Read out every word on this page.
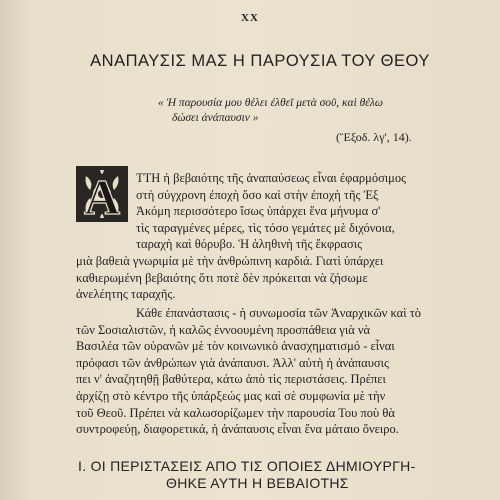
XX
ΑΝΑΠΑΥΣΙΣ ΜΑΣ Η ΠΑΡΟΥΣΙΑ ΤΟΥ ΘΕΟΥ
« Ἡ παρουσία μου θέλει ἐλθεῖ μετὰ σοῦ, καὶ θέλω
δώσει ἀνάπαυσιν »
(Ἔξοδ. λγ', 14).
Α	ΤΤΗ ἡ βεβαιότης τῆς ἀναπαύσεως εἶναι ἐφαρμόσιμος
στὴ σύγχρονη ἐποχὴ ὅσο καὶ στὴν ἐποχὴ τῆς Ἐξ
Ἀκόμη περισσότερο ἴσως ὑπάρχει ἕνα μήνυμα σ'
τὶς ταραγμένες μέρες, τὶς τόσο γεμάτες μὲ διχόνοια,
ταραχὴ καὶ θόρυβο. Ἡ ἀληθινὴ τῆς ἔκφρασις
μιὰ βαθειὰ γνωριμία μὲ τὴν ἀνθρώπινη καρδιά. Γιατὶ ὑπάρχει
καθιερωμένη βεβαιότης ὅτι ποτὲ δὲν πρόκειται νὰ ζήσωμε
ἀνελέητης ταραχῆς.
Κάθε ἐπανάστασις - ἡ συνωμοσία τῶν Ἀναρχικῶν καὶ τὸ
τῶν Σοσιαλιστῶν, ἡ καλῶς ἐννοουμένη προσπάθεια γιὰ νὰ
Βασιλέα τῶν οὐρανῶν μὲ τὸν κοινωνικὸ ἀνασχηματισμό - εἶναι
πρόφασι τῶν ἀνθρώπων γιὰ ἀνάπαυσι. Ἀλλ' αὐτὴ ἡ ἀνάπαυσις
πει ν' ἀναζητηθῇ βαθύτερα, κάτω ἀπὸ τὶς περιστάσεις. Πρέπει
ἀρχίζῃ στὸ κέντρο τῆς ὑπάρξεώς μας καὶ σὲ συμφωνία μὲ τὴν
τοῦ Θεοῦ. Πρέπει νὰ καλωσορίζωμεν τὴν παρουσία Του ποὺ θὰ
συντροφεύῃ, διαφορετικά, ἡ ἀνάπαυσις εἶναι ἕνα μάταιο ὄνειρο.
Ι. ΟΙ ΠΕΡΙΣΤΑΣΕΙΣ ΑΠΟ ΤΙΣ ΟΠΟΙΕΣ ΔΗΜΙΟΥΡΓΗ-
ΘΗΚΕ ΑΥΤΗ Η ΒΕΒΑΙΟΤΗΣ
